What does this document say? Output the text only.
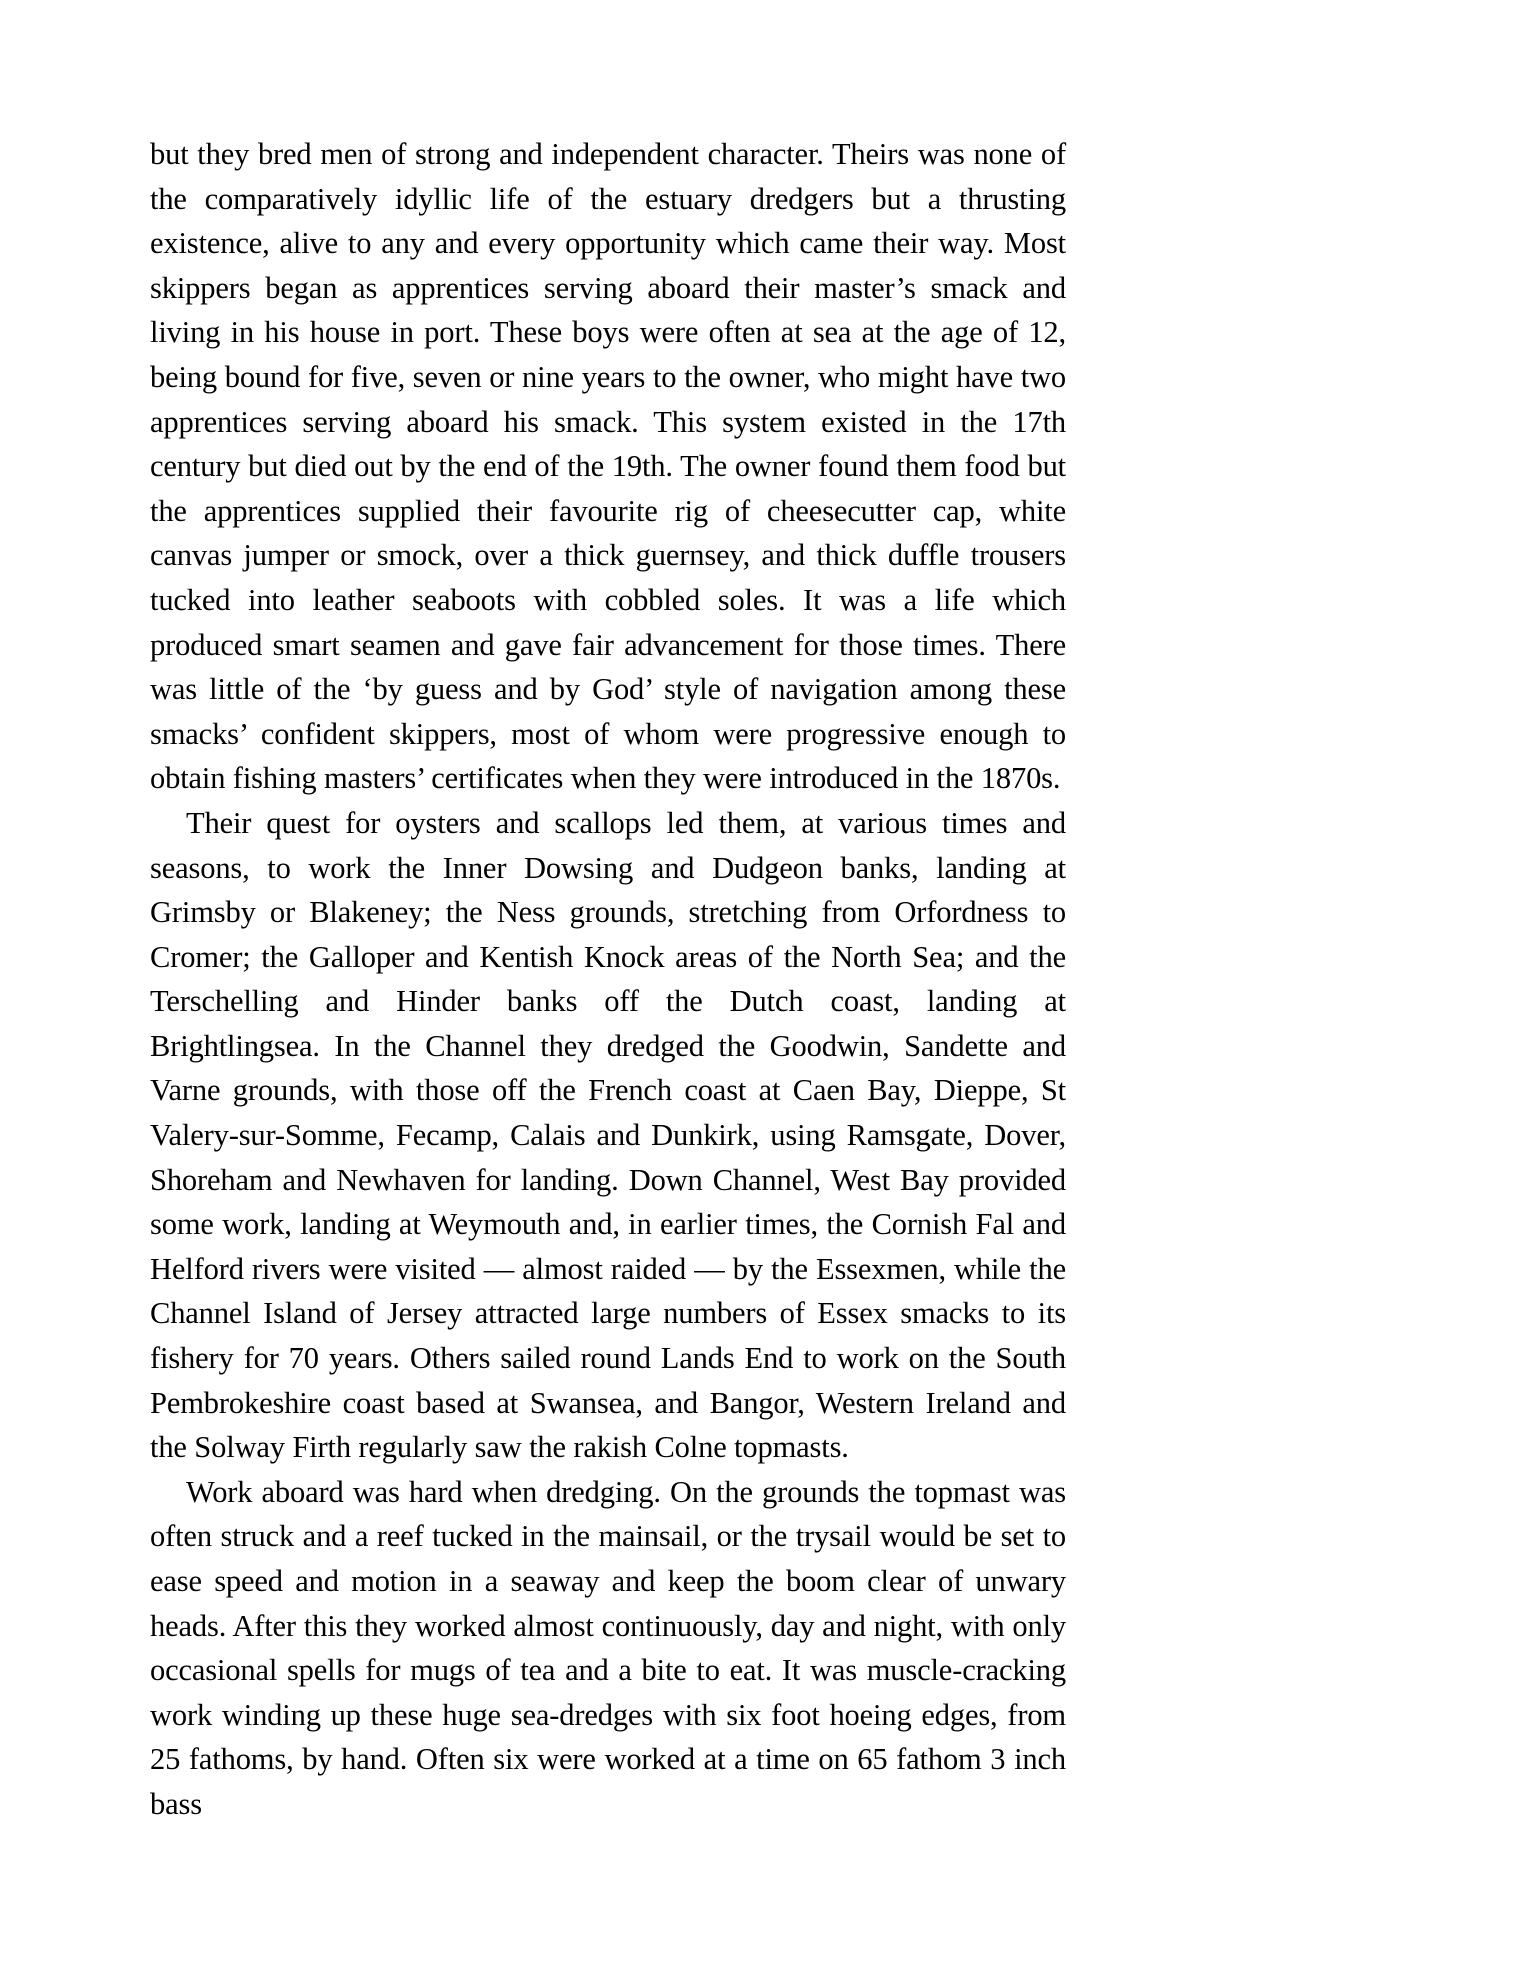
but they bred men of strong and independent character. Theirs was none of the comparatively idyllic life of the estuary dredgers but a thrusting existence, alive to any and every opportunity which came their way. Most skippers began as apprentices serving aboard their master’s smack and living in his house in port. These boys were often at sea at the age of 12, being bound for five, seven or nine years to the owner, who might have two apprentices serving aboard his smack. This system existed in the 17th century but died out by the end of the 19th. The owner found them food but the apprentices supplied their favourite rig of cheesecutter cap, white canvas jumper or smock, over a thick guernsey, and thick duffle trousers tucked into leather seaboots with cobbled soles. It was a life which produced smart seamen and gave fair advancement for those times. There was little of the ‘by guess and by God’ style of navigation among these smacks’ confident skippers, most of whom were progressive enough to obtain fishing masters’ certificates when they were introduced in the 1870s.

Their quest for oysters and scallops led them, at various times and seasons, to work the Inner Dowsing and Dudgeon banks, landing at Grimsby or Blakeney; the Ness grounds, stretching from Orfordness to Cromer; the Galloper and Kentish Knock areas of the North Sea; and the Terschelling and Hinder banks off the Dutch coast, landing at Brightlingsea. In the Channel they dredged the Goodwin, Sandette and Varne grounds, with those off the French coast at Caen Bay, Dieppe, St Valery-sur-Somme, Fecamp, Calais and Dunkirk, using Ramsgate, Dover, Shoreham and Newhaven for landing. Down Channel, West Bay provided some work, landing at Weymouth and, in earlier times, the Cornish Fal and Helford rivers were visited — almost raided — by the Essexmen, while the Channel Island of Jersey attracted large numbers of Essex smacks to its fishery for 70 years. Others sailed round Lands End to work on the South Pembrokeshire coast based at Swansea, and Bangor, Western Ireland and the Solway Firth regularly saw the rakish Colne topmasts.

Work aboard was hard when dredging. On the grounds the topmast was often struck and a reef tucked in the mainsail, or the trysail would be set to ease speed and motion in a seaway and keep the boom clear of unwary heads. After this they worked almost continuously, day and night, with only occasional spells for mugs of tea and a bite to eat. It was muscle-cracking work winding up these huge sea-dredges with six foot hoeing edges, from 25 fathoms, by hand. Often six were worked at a time on 65 fathom 3 inch bass
